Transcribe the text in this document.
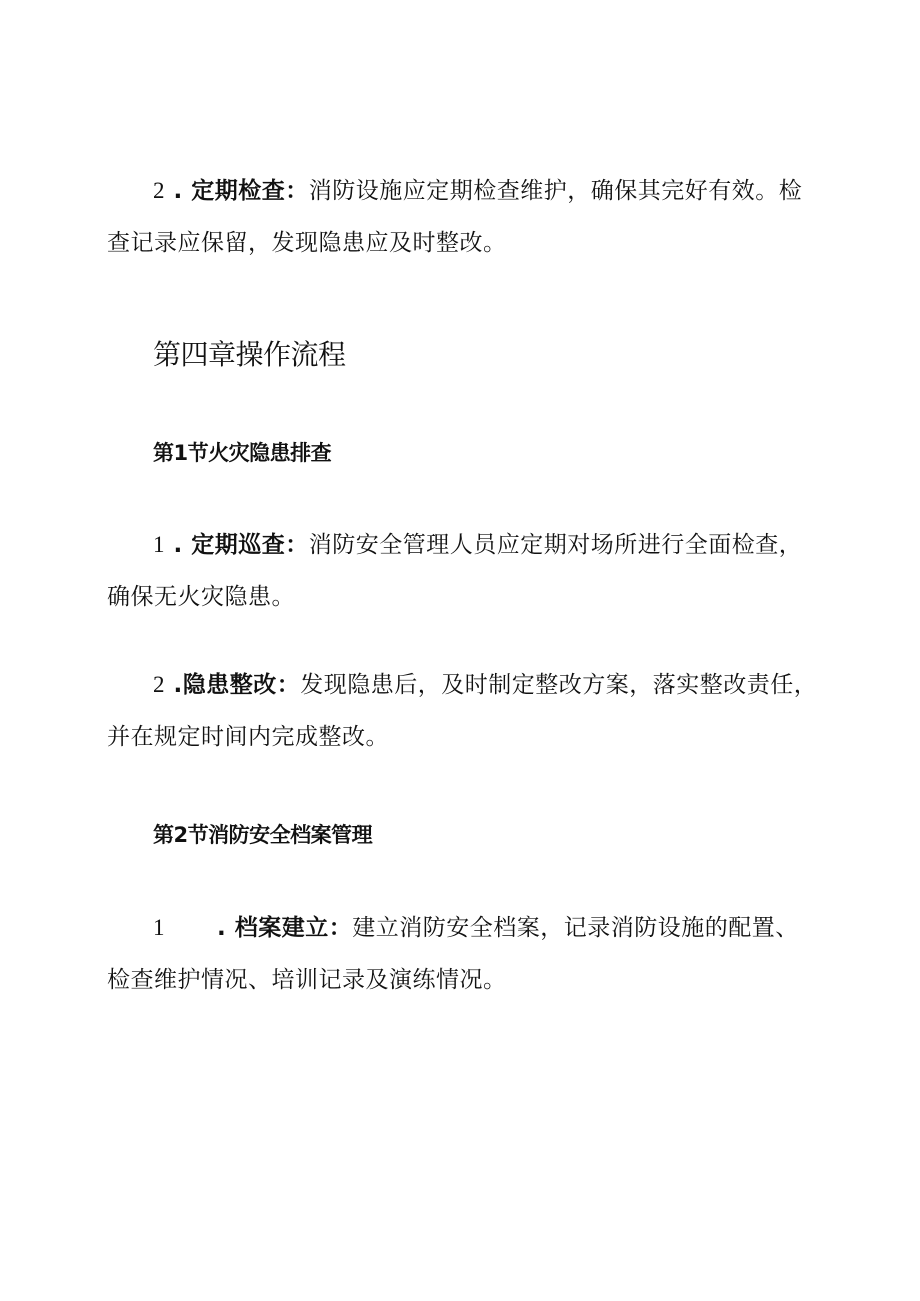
2 . 定期检查：消防设施应定期检查维护，确保其完好有效。检查记录应保留，发现隐患应及时整改。

第四章操作流程
第1节火灾隐患排查

1 . 定期巡查：消防安全管理人员应定期对场所进行全面检查，确保无火灾隐患。

2 .隐患整改：发现隐患后，及时制定整改方案，落实整改责任，并在规定时间内完成整改。

第2节消防安全档案管理

1 . 档案建立：建立消防安全档案，记录消防设施的配置、检查维护情况、培训记录及演练情况。
